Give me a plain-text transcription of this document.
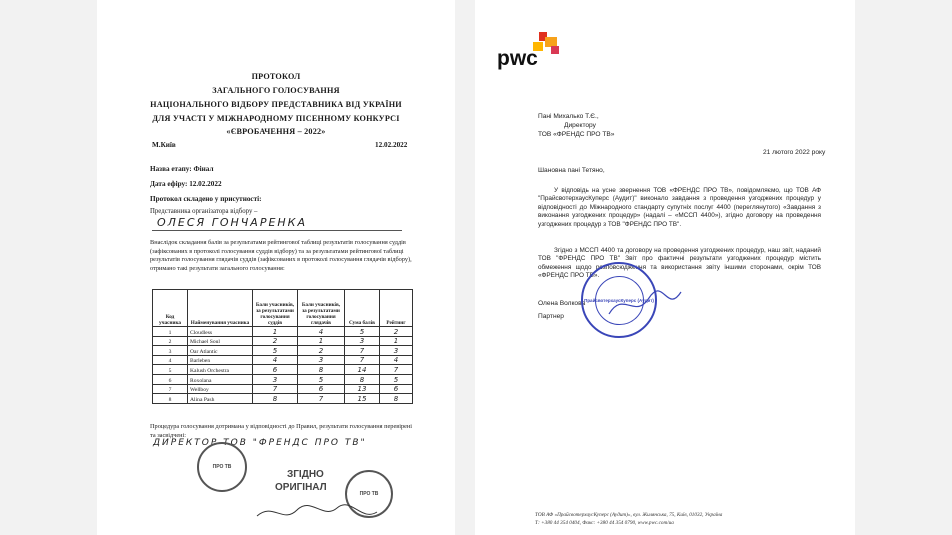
ПРОТОКОЛ
ЗАГАЛЬНОГО ГОЛОСУВАННЯ
НАЦІОНАЛЬНОГО ВІДБОРУ ПРЕДСТАВНИКА ВІД УКРАЇНИ
ДЛЯ УЧАСТІ У МІЖНАРОДНОМУ ПІСЕННОМУ КОНКУРСІ
«ЄВРОБАЧЕННЯ – 2022»
М.Київ	12.02.2022
Назва етапу: Фінал
Дата ефіру: 12.02.2022
Протокол складено у присутності:
Представника організатора відбору –
ОЛЕСЯ ГОНЧАРЕНКА
Внаслідок складання балів за результатами рейтингової таблиці результатів голосування суддів (зафіксованих в протоколі голосування суддів відбору) та за результатами рейтингової таблиці результатів голосування глядачів суддів (зафіксованих в протоколі голосування глядачів відбору), отримано такі результати загального голосування:
Код учасника	Найменування учасника	Бали учасників, за результатами голосування суддів	Бали учасників, за результатами голосування глядачів	Сума балів	Рейтинг
1	Cloudless	1	4	5	2
2	Michael Soul	2	1	3	1
3	Oar Atlantic	5	2	7	3
4	Barleben	4	3	7	4
5	Kalush Orchestra	6	8	14	7
6	Roxolana	3	5	8	5
7	Wellboy	7	6	13	6
8	Alina Pash	8	7	15	8
Процедура голосування дотримана у відповідності до Правил, результати голосування перевірені та засвідчені:
ДИРЕКТОР ТОВ "ФРЕНДС ПРО ТВ"
ПРО ТВ
ПРО ТВ
ЗГІДНО
ОРИГІНАЛ
pwc
Пані Михалько Т.Є.,
Директору
ТОВ «ФРЕНДС ПРО ТВ»
21 лютого 2022 року
Шановна пані Тетяно,
У відповідь на усне звернення ТОВ «ФРЕНДС ПРО ТВ», повідомляємо, що ТОВ АФ "ПрайсвотерхаусКуперс (Аудит)" виконало завдання з проведення узгоджених процедур у відповідності до Міжнародного стандарту супутніх послуг 4400 (переглянутого) «Завдання з виконання узгоджених процедур» (надалі – «МССП 4400»), згідно договору на проведення узгоджених процедур з ТОВ "ФРЕНДС ПРО ТВ".
Згідно з МССП 4400 та договору на проведення узгоджених процедур, наш звіт, наданий ТОВ "ФРЕНДС ПРО ТВ" Звіт про фактичні результати узгоджених процедур містить обмеження щодо розповсюдження та використання звіту іншими сторонами, окрім ТОВ «ФРЕНДС ПРО ТВ».
Олена Волкова
Партнер
ПрайсвотерхаусКуперс (Аудит)
ТОВ АФ «ПрайсвотерхаусКуперс (Аудит)», вул. Жилянська, 75, Київ, 01032, Україна
Т: +380 44 354 0404, Факс: +380 44 354 0790, www.pwc.com/ua
